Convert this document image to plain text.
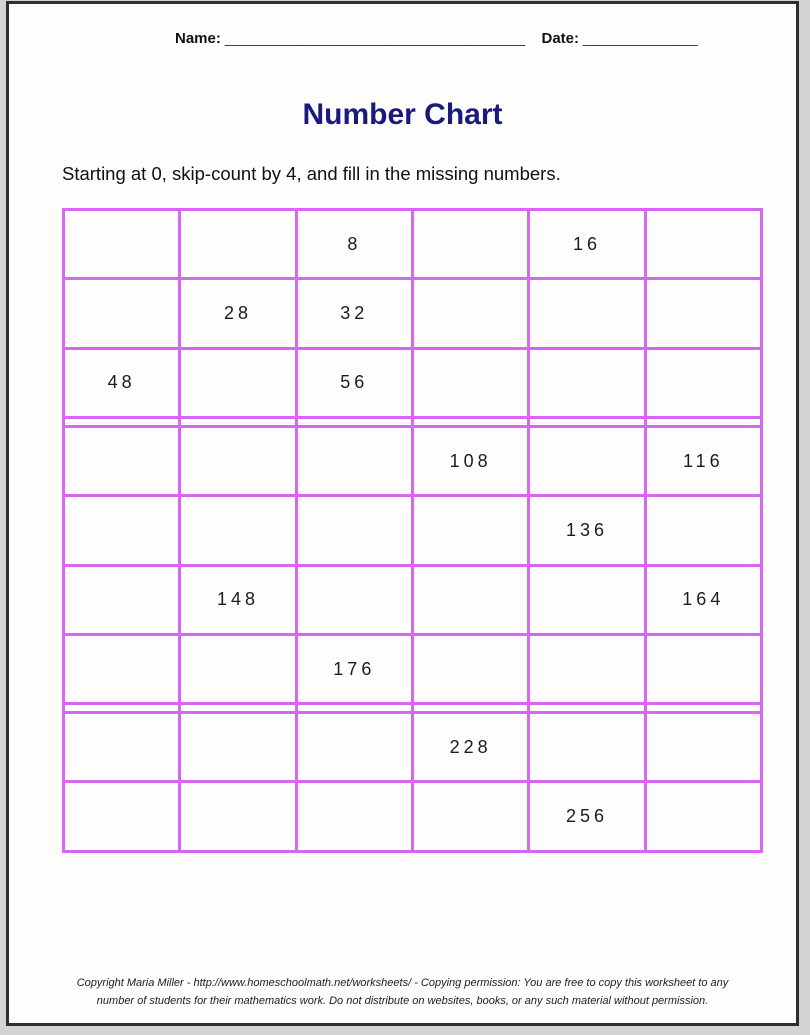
Name: __________________________________ Date: _____________
Number Chart
Starting at 0, skip-count by 4, and fill in the missing numbers.
		8		16	
	28	32			
48		56			

			108		116
				136	
	148				164
		176			

			228		
				256	
Copyright Maria Miller - http://www.homeschoolmath.net/worksheets/ - Copying permission: You are free to copy this worksheet to any
number of students for their mathematics work. Do not distribute on websites, books, or any such material without permission.
